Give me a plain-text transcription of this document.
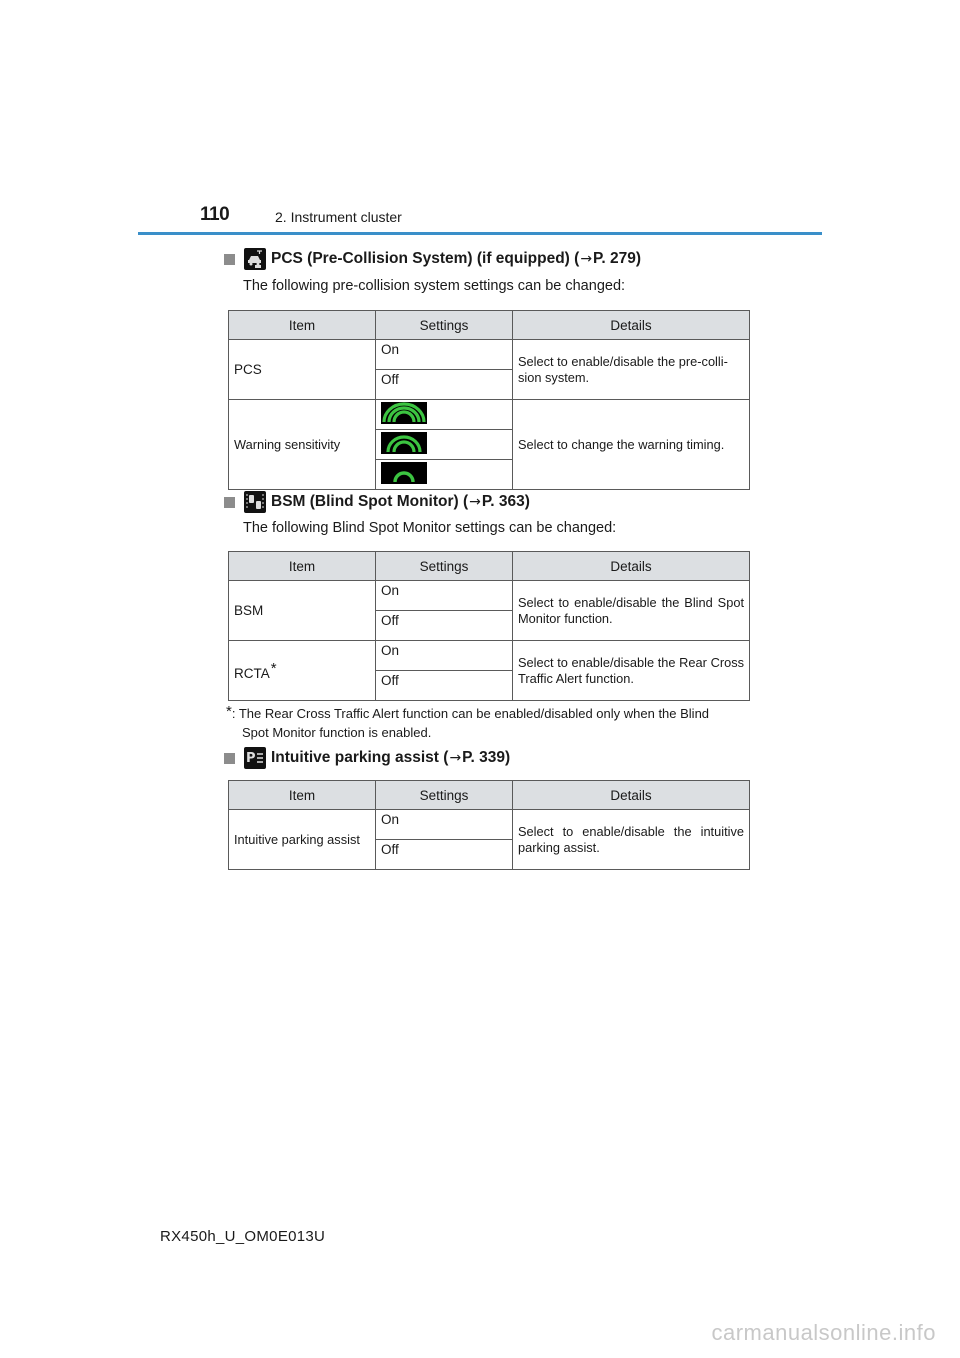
110	2. Instrument cluster
PCS (Pre-Collision System) (if equipped) ( → P. 279)
The following pre-collision system settings can be changed:
Item	Settings	Details
PCS	On	Select to enable/disable the pre-colli-sion system.
	Off	
Warning sensitivity		Select to change the warning timing.

BSM (Blind Spot Monitor) ( → P. 363)
The following Blind Spot Monitor settings can be changed:
Item	Settings	Details
BSM	On	Select to enable/disable the Blind Spot Monitor function.
	Off	
RCTA*	On	Select to enable/disable the Rear Cross Traffic Alert function.
	Off	
*: The Rear Cross Traffic Alert function can be enabled/disabled only when the Blind
Spot Monitor function is enabled.
P Intuitive parking assist ( → P. 339)
Item	Settings	Details
Intuitive parking assist	On	Select to enable/disable the intuitive parking assist.
	Off	
RX450h_U_OM0E013U
carmanualsonline.info
